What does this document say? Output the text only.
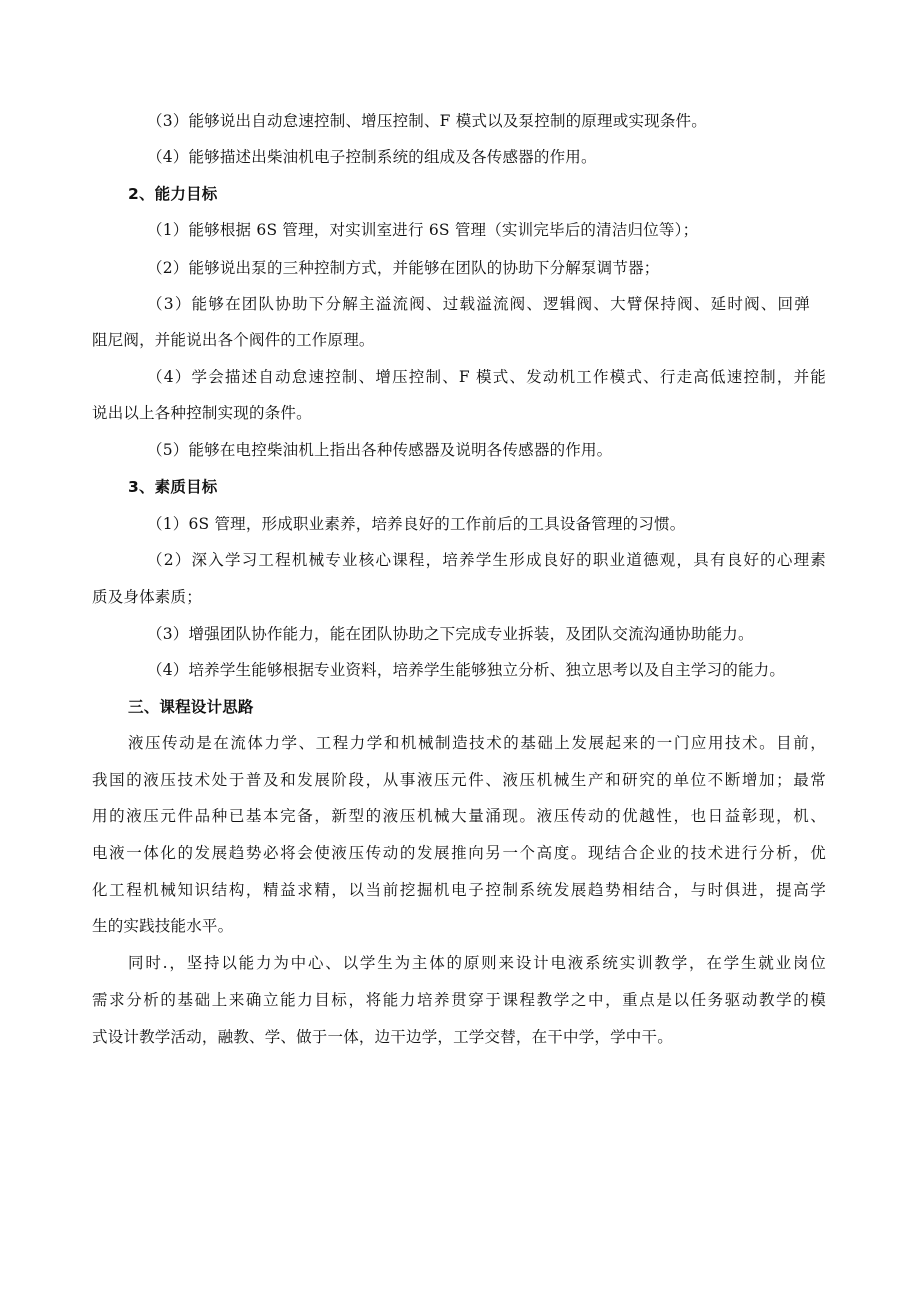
（3）能够说出自动怠速控制、增压控制、F 模式以及泵控制的原理或实现条件。
（4）能够描述出柴油机电子控制系统的组成及各传感器的作用。
2、能力目标
（1）能够根据 6S 管理，对实训室进行 6S 管理（实训完毕后的清洁归位等）；
（2）能够说出泵的三种控制方式，并能够在团队的协助下分解泵调节器；
（3）能够在团队协助下分解主溢流阀、过载溢流阀、逻辑阀、大臂保持阀、延时阀、回弹
阻尼阀，并能说出各个阀件的工作原理。
（4）学会描述自动怠速控制、增压控制、F 模式、发动机工作模式、行走高低速控制，并能
说出以上各种控制实现的条件。
（5）能够在电控柴油机上指出各种传感器及说明各传感器的作用。
3、素质目标
（1）6S 管理，形成职业素养，培养良好的工作前后的工具设备管理的习惯。
（2）深入学习工程机械专业核心课程，培养学生形成良好的职业道德观，具有良好的心理素
质及身体素质；
（3）增强团队协作能力，能在团队协助之下完成专业拆装，及团队交流沟通协助能力。
（4）培养学生能够根据专业资料，培养学生能够独立分析、独立思考以及自主学习的能力。
三、课程设计思路
液压传动是在流体力学、工程力学和机械制造技术的基础上发展起来的一门应用技术。目前，
我国的液压技术处于普及和发展阶段，从事液压元件、液压机械生产和研究的单位不断增加；最常
用的液压元件品种已基本完备，新型的液压机械大量涌现。液压传动的优越性，也日益彰现，机、
电液一体化的发展趋势必将会使液压传动的发展推向另一个高度。现结合企业的技术进行分析，优
化工程机械知识结构，精益求精，以当前挖掘机电子控制系统发展趋势相结合，与时俱进，提高学
生的实践技能水平。
同时.，坚持以能力为中心、以学生为主体的原则来设计电液系统实训教学，在学生就业岗位
需求分析的基础上来确立能力目标，将能力培养贯穿于课程教学之中，重点是以任务驱动教学的模
式设计教学活动，融教、学、做于一体，边干边学，工学交替，在干中学，学中干。
